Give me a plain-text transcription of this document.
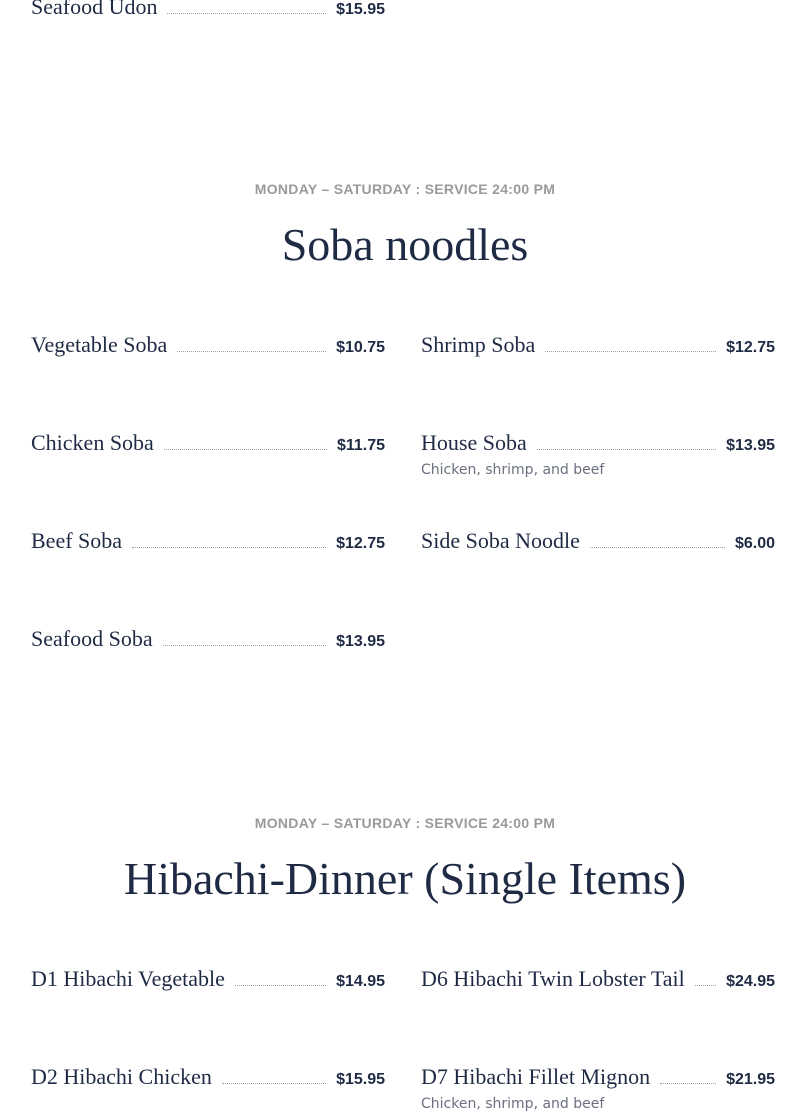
Seafood Udon	$15.95
MONDAY – SATURDAY : SERVICE 24:00 PM
Soba noodles
Vegetable Soba	$10.75 Shrimp Soba	$12.75
Chicken Soba	$11.75 House Soba	$13.95
Chicken, shrimp, and beef
Beef Soba	$12.75 Side Soba Noodle	$6.00
Seafood Soba	$13.95
MONDAY – SATURDAY : SERVICE 24:00 PM
Hibachi-Dinner (Single Items)
D1 Hibachi Vegetable	$14.95 D6 Hibachi Twin Lobster Tail	$24.95
D2 Hibachi Chicken	$15.95 D7 Hibachi Fillet Mignon	$21.95
Chicken, shrimp, and beef
